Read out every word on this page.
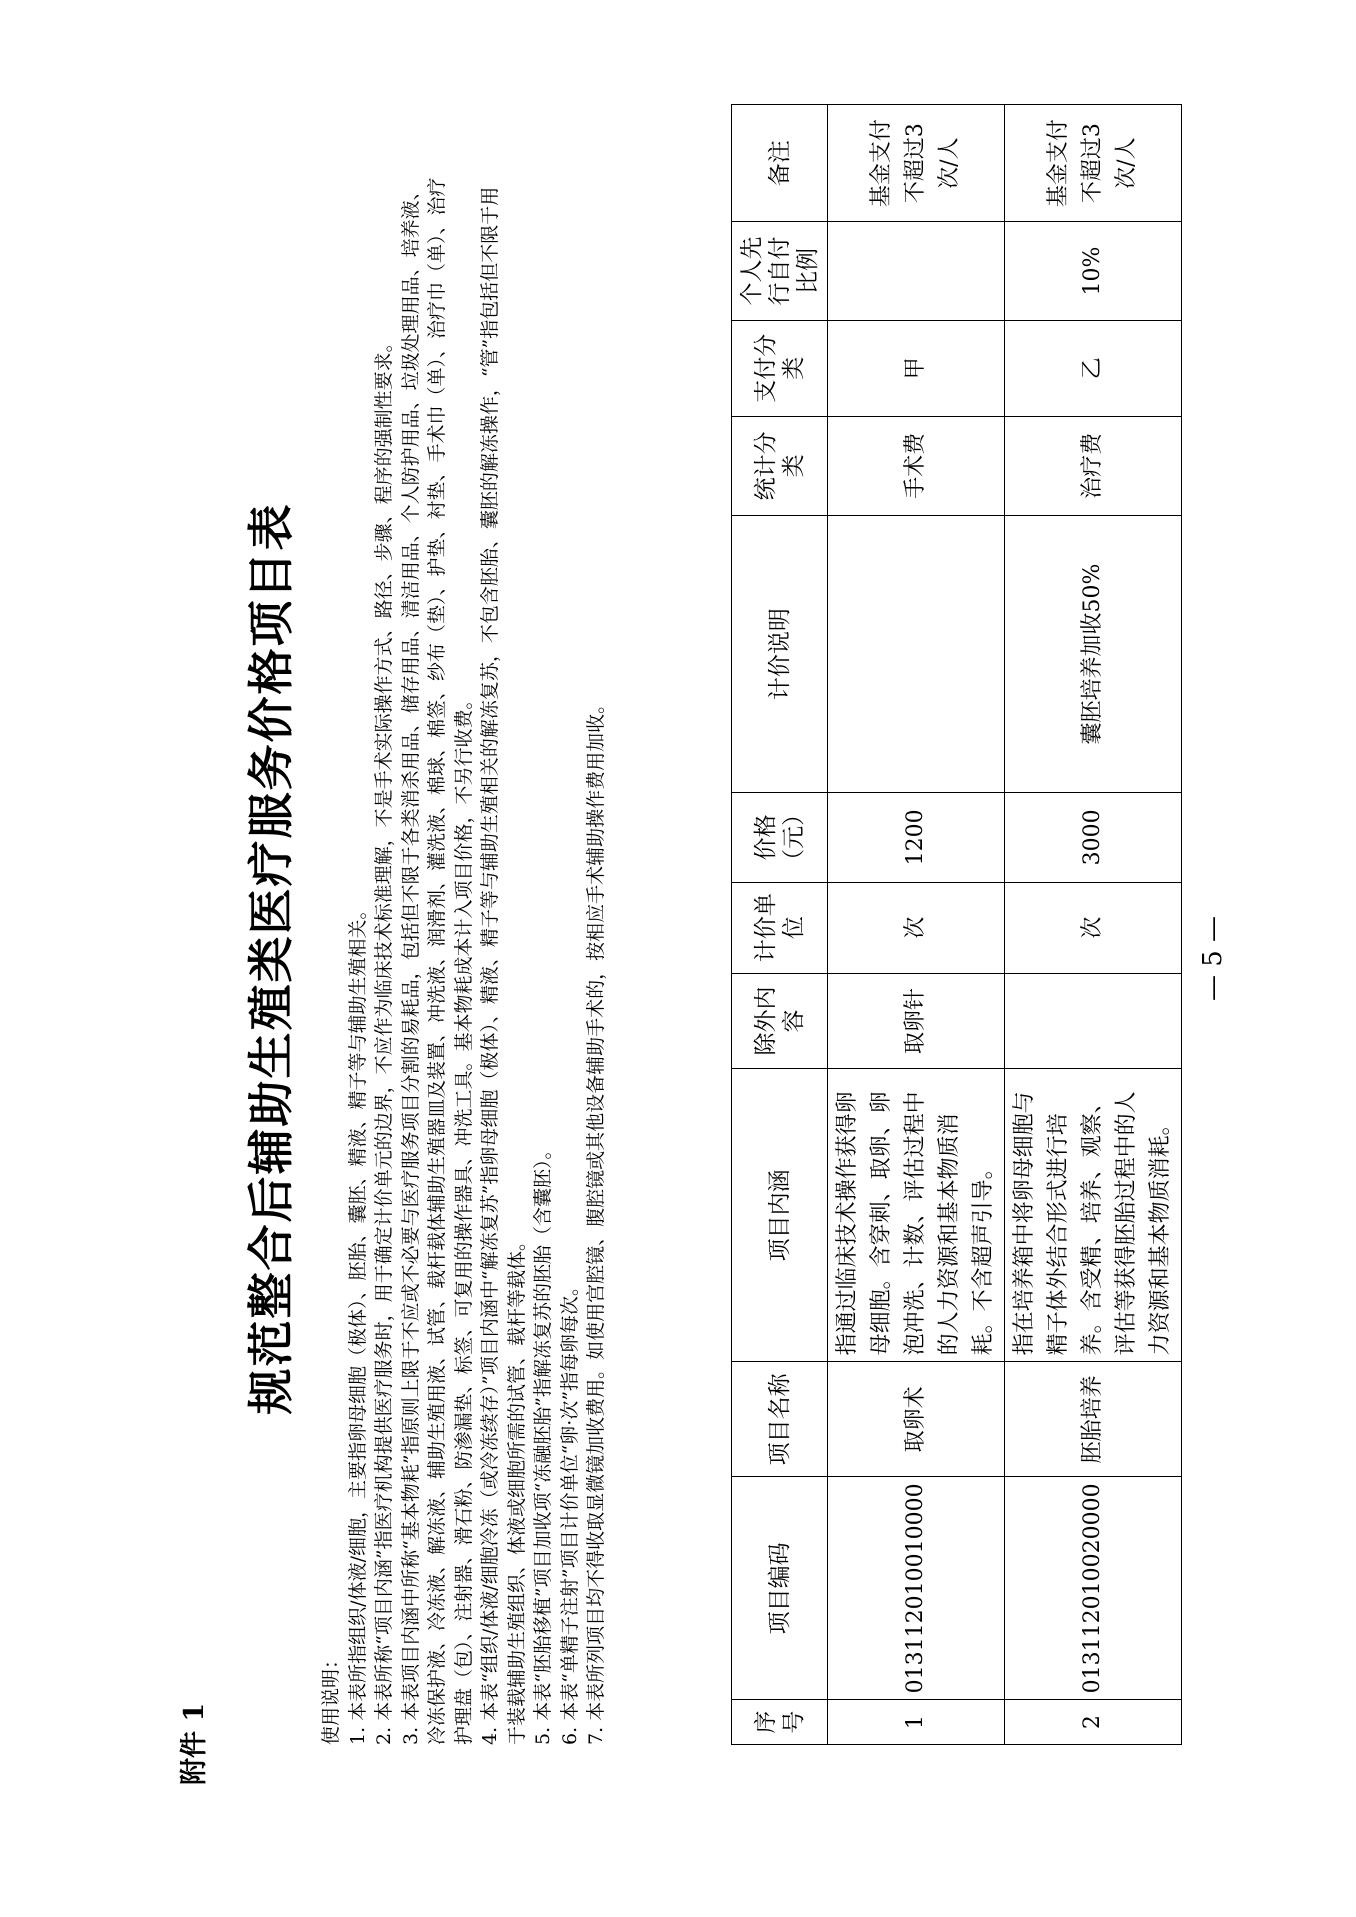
附件 1
规范整合后辅助生殖类医疗服务价格项目表
使用说明： 1. 本表所指组织/体液/细胞，主要指卵母细胞（极体）、胚胎、囊胚、精液、精子等与辅助生殖相关。 2. 本表所称“项目内涵”指医疗机构提供医疗服务时，用于确定计价单元的边界，不应作为临床技术标准理解，不是手术实际操作方式、路径、步骤、程序的强制性要求。 3. 本表项目内涵中所称“基本物耗”指原则上限于不应或不必要与医疗服务项目分割的易耗品，包括但不限于各类消杀用品、储存用品、清洁用品、个人防护用品、垃圾处理用品、培养液、冷冻保护液、冷冻液、解冻液、辅助生殖用液、试管、载杆载体辅助生殖器皿及装置、冲洗液、润滑剂、灌洗液、棉球、棉签、纱布（垫）、护垫、衬垫、手术巾（单）、治疗巾（单）、治疗护理盘（包）、注射器、滑石粉、防渗漏垫、标签、可复用的操作器具、冲洗工具。基本物耗成本计入项目价格，不另行收费。 4. 本表“组织/体液/细胞冷冻（或冷冻续存）”项目内涵中“解冻复苏”指卵母细胞（极体）、精液、精子等与辅助生殖相关的解冻复苏，不包含胚胎、囊胚的解冻操作，“管”指包括但不限于用于装载辅助生殖组织、体液或细胞所需的试管、载杆等载体。 5. 本表“胚胎移植”项目加收项“冻融胚胎”指解冻复苏的胚胎（含囊胚）。 6. 本表“单精子注射”项目计价单位“卵·次”指每卵每次。 7. 本表所列项目均不得收取显微镜加收费用。如使用宫腔镜、腹腔镜或其他设备辅助手术的，按相应手术辅助操作费用加收。	序号	项目编码	项目名称	项目内涵	除外内容	计价单位	价格（元）	计价说明	统计分类	支付分类	个人先行自付比例	备注
1	013112010010000	取卵术	指通过临床技术操作获得卵母细胞。含穿刺、取卵、卵泡冲洗、计数、评估过程中的人力资源和基本物质消耗。不含超声引导。	取卵针	次	1200		手术费	甲		基金支付不超过3次/人
2	013112010020000	胚胎培养	指在培养箱中将卵母细胞与精子体外结合形式进行培养。含受精、培养、观察、评估等获得胚胎过程中的人力资源和基本物质消耗。		次	3000	囊胚培养加收50%	治疗费	乙	10%	基金支付不超过3次/人
— 5 —
